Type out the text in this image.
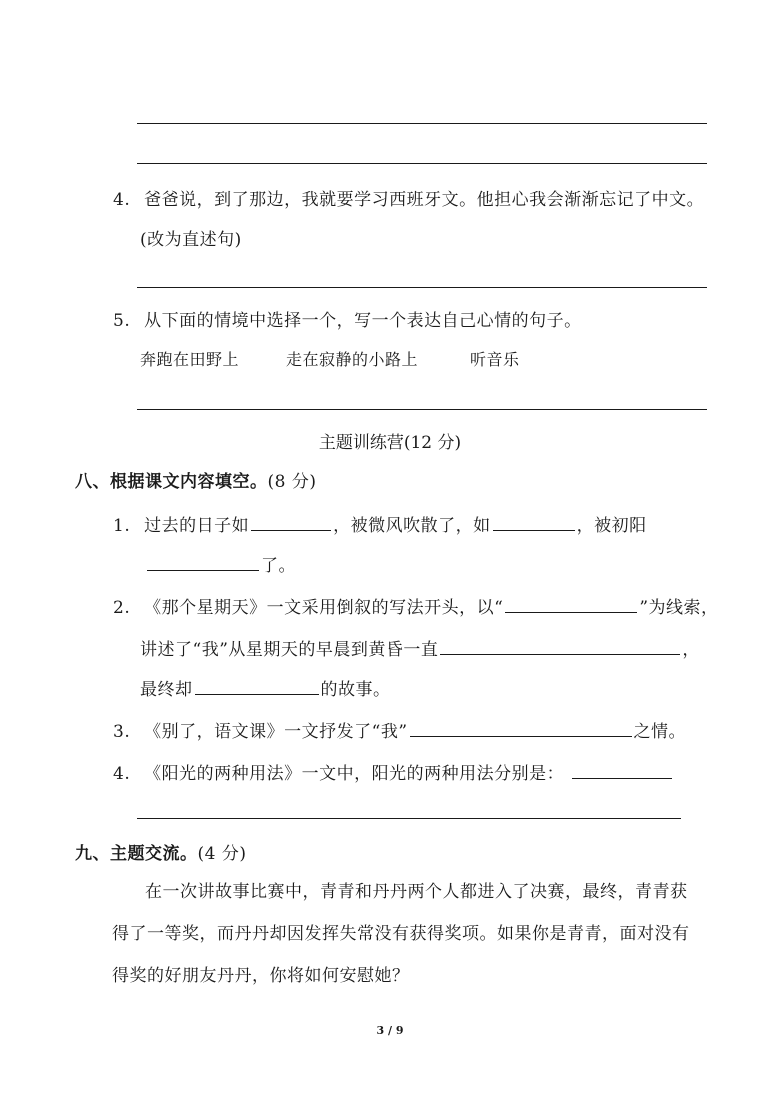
4. 爸爸说，到了那边，我就要学习西班牙文。他担心我会渐渐忘记了中文。
(改为直述句)
5. 从下面的情境中选择一个，写一个表达自己心情的句子。
奔跑在田野上	走在寂静的小路上	听音乐
主题训练营(12 分)
八、根据课文内容填空。(8 分)
1. 过去的日子如	，被微风吹散了，如	，被初阳
了。
2. 《那个星期天》一文采用倒叙的写法开头，以“	”为线索，
讲述了“我”从星期天的早晨到黄昏一直	，
最终却	的故事。
3. 《别了，语文课》一文抒发了“我”	之情。
4. 《阳光的两种用法》一文中，阳光的两种用法分别是：
九、主题交流。(4 分)
在一次讲故事比赛中，青青和丹丹两个人都进入了决赛，最终，青青获
得了一等奖，而丹丹却因发挥失常没有获得奖项。如果你是青青，面对没有
得奖的好朋友丹丹，你将如何安慰她？
3 / 9
